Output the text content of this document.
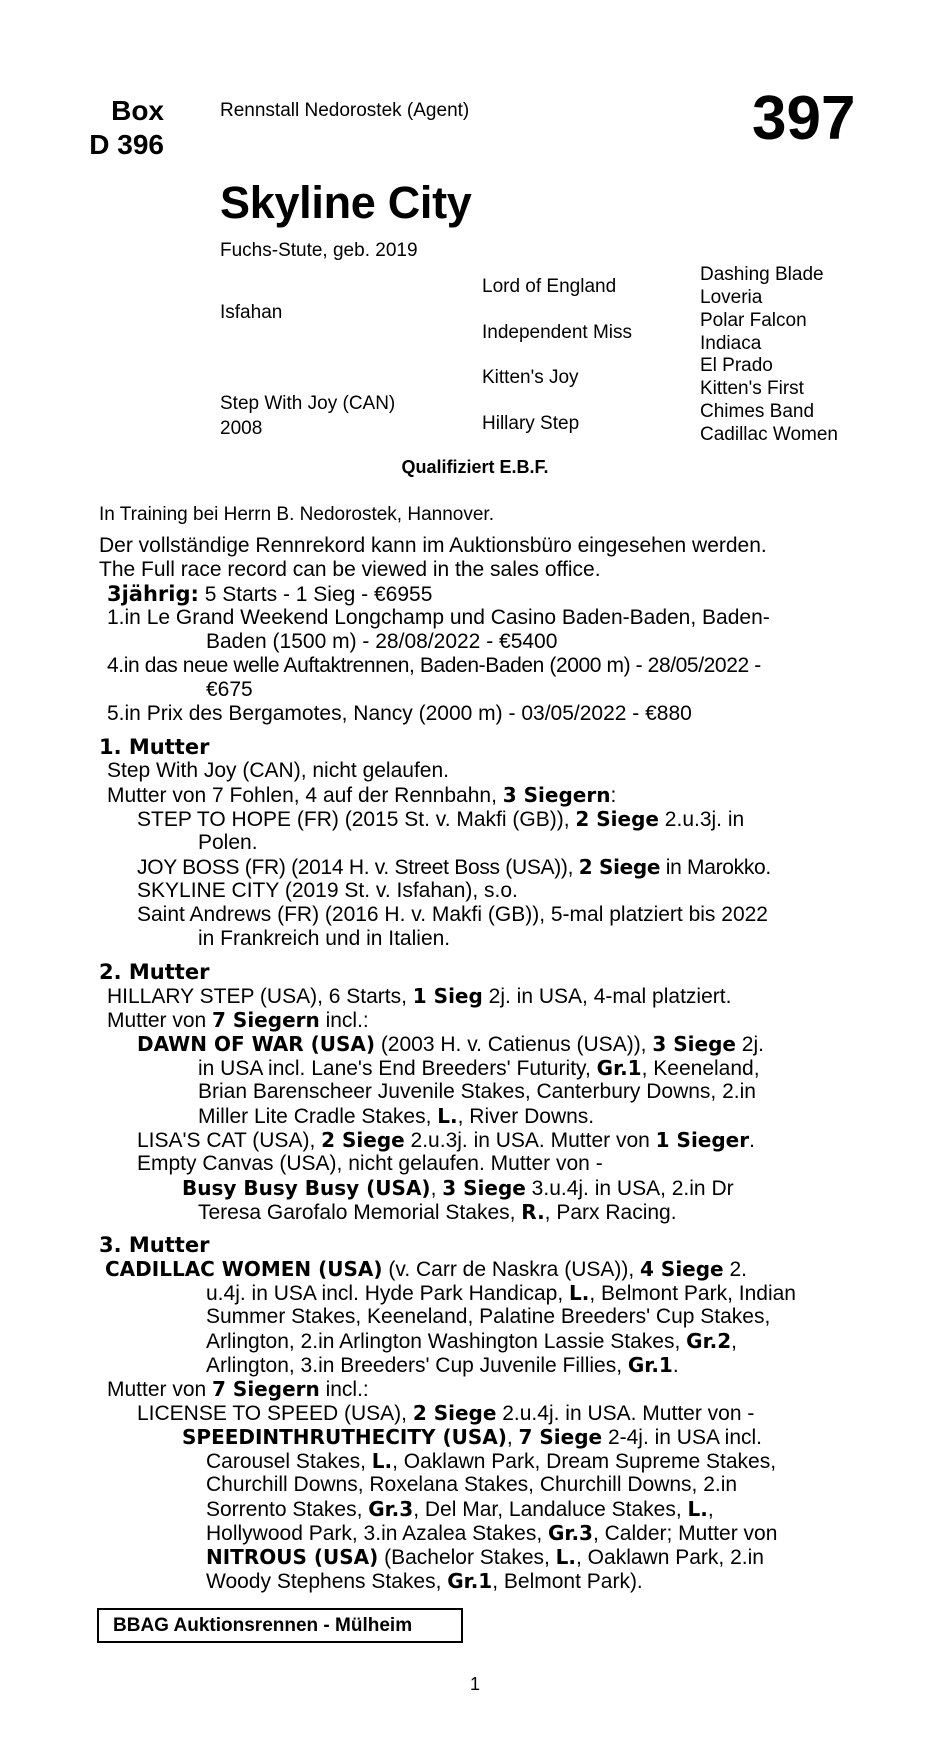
Box
D 396
Rennstall Nedorostek (Agent)	397
Skyline City
Fuchs-Stute, geb. 2019
Isfahan
Step With Joy (CAN)
2008
Lord of England
Independent Miss
Kitten's Joy
Hillary Step
Dashing Blade
Loveria
Polar Falcon
Indiaca
El Prado
Kitten's First
Chimes Band
Cadillac Women
Qualifiziert E.B.F.
In Training bei Herrn B. Nedorostek, Hannover.
Der vollständige Rennrekord kann im Auktionsbüro eingesehen werden.
The Full race record can be viewed in the sales office.
3jährig: 5 Starts - 1 Sieg - €6955
1.in Le Grand Weekend Longchamp und Casino Baden-Baden, Baden-
Baden (1500 m) - 28/08/2022 - €5400
4.in das neue welle Auftaktrennen, Baden-Baden (2000 m) - 28/05/2022 -
€675
5.in Prix des Bergamotes, Nancy (2000 m) - 03/05/2022 - €880
1. Mutter
Step With Joy (CAN), nicht gelaufen.
Mutter von 7 Fohlen, 4 auf der Rennbahn, 3 Siegern:
STEP TO HOPE (FR) (2015 St. v. Makfi (GB)), 2 Siege 2.u.3j. in
Polen.
JOY BOSS (FR) (2014 H. v. Street Boss (USA)), 2 Siege in Marokko.
SKYLINE CITY (2019 St. v. Isfahan), s.o.
Saint Andrews (FR) (2016 H. v. Makfi (GB)), 5-mal platziert bis 2022
in Frankreich und in Italien.
2. Mutter
HILLARY STEP (USA), 6 Starts, 1 Sieg 2j. in USA, 4-mal platziert.
Mutter von 7 Siegern incl.:
DAWN OF WAR (USA) (2003 H. v. Catienus (USA)), 3 Siege 2j.
in USA incl. Lane's End Breeders' Futurity, Gr.1, Keeneland,
Brian Barenscheer Juvenile Stakes, Canterbury Downs, 2.in
Miller Lite Cradle Stakes, L., River Downs.
LISA'S CAT (USA), 2 Siege 2.u.3j. in USA. Mutter von 1 Sieger.
Empty Canvas (USA), nicht gelaufen. Mutter von -
Busy Busy Busy (USA), 3 Siege 3.u.4j. in USA, 2.in Dr
Teresa Garofalo Memorial Stakes, R., Parx Racing.
3. Mutter
CADILLAC WOMEN (USA) (v. Carr de Naskra (USA)), 4 Siege 2.
u.4j. in USA incl. Hyde Park Handicap, L., Belmont Park, Indian
Summer Stakes, Keeneland, Palatine Breeders' Cup Stakes,
Arlington, 2.in Arlington Washington Lassie Stakes, Gr.2,
Arlington, 3.in Breeders' Cup Juvenile Fillies, Gr.1.
Mutter von 7 Siegern incl.:
LICENSE TO SPEED (USA), 2 Siege 2.u.4j. in USA. Mutter von -
SPEEDINTHRUTHECITY (USA), 7 Siege 2-4j. in USA incl.
Carousel Stakes, L., Oaklawn Park, Dream Supreme Stakes,
Churchill Downs, Roxelana Stakes, Churchill Downs, 2.in
Sorrento Stakes, Gr.3, Del Mar, Landaluce Stakes, L.,
Hollywood Park, 3.in Azalea Stakes, Gr.3, Calder; Mutter von
NITROUS (USA) (Bachelor Stakes, L., Oaklawn Park, 2.in
Woody Stephens Stakes, Gr.1, Belmont Park).
BBAG Auktionsrennen - Mülheim
1
